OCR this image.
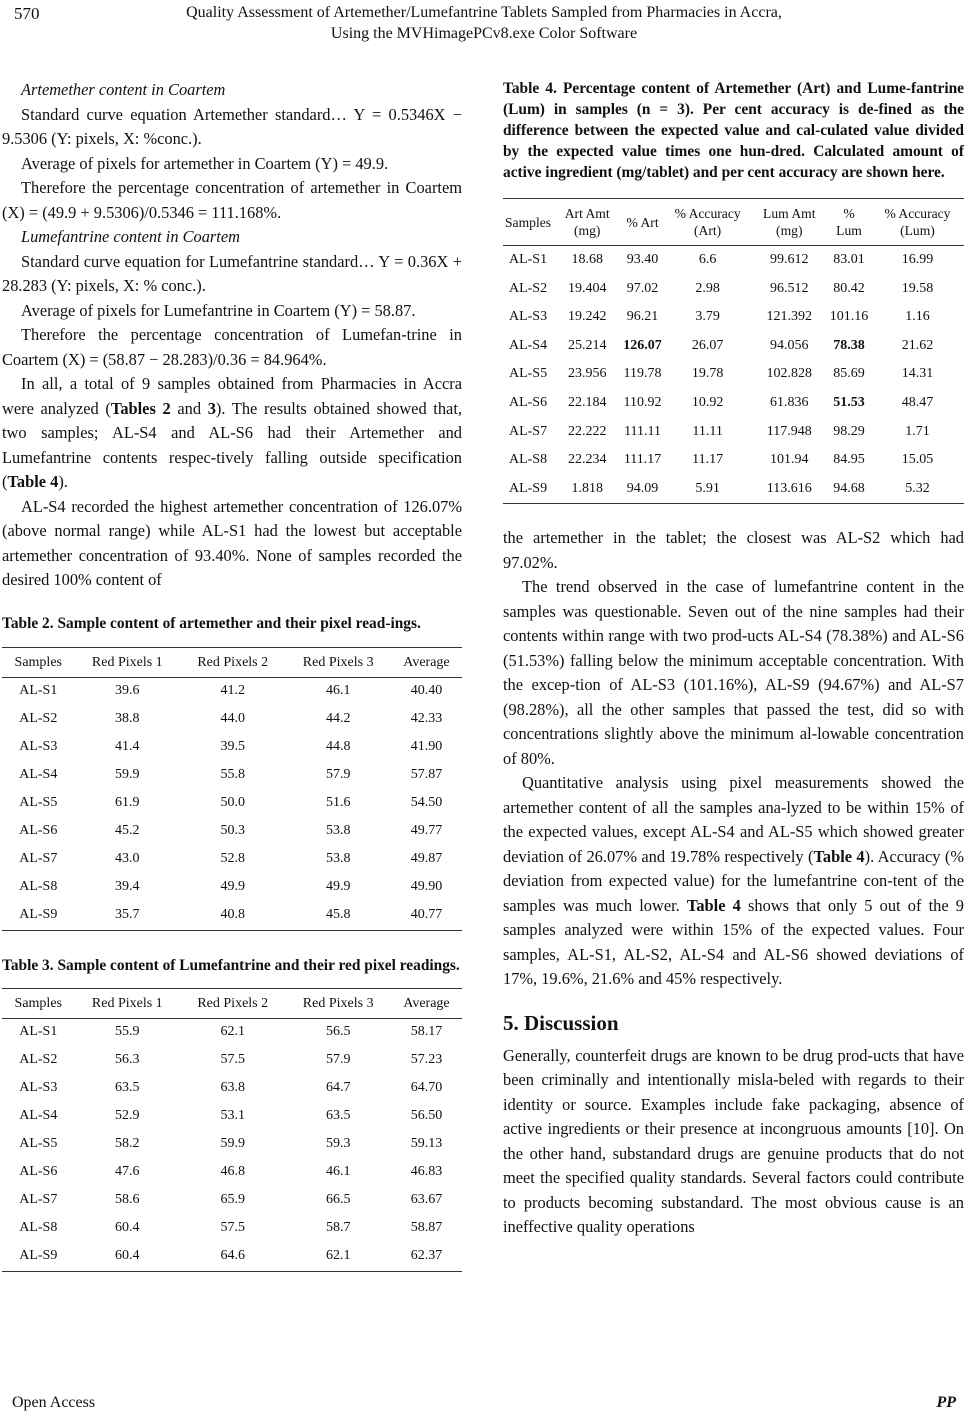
570	Quality Assessment of Artemether/Lumefantrine Tablets Sampled from Pharmacies in Accra,
Using the MVHimagePCv8.exe Color Software

Artemether content in Coartem

Standard curve equation Artemether standard… Y = 0.5346X − 9.5306 (Y: pixels, X: %conc.).

Average of pixels for artemether in Coartem (Y) = 49.9.

Therefore the percentage concentration of artemether in Coartem (X) = (49.9 + 9.5306)/0.5346 = 111.168%.

Lumefantrine content in Coartem

Standard curve equation for Lumefantrine standard… Y = 0.36X + 28.283 (Y: pixels, X: % conc.).

Average of pixels for Lumefantrine in Coartem (Y) = 58.87.

Therefore the percentage concentration of Lumefan-trine in Coartem (X) = (58.87 − 28.283)/0.36 = 84.964%.

In all, a total of 9 samples obtained from Pharmacies in Accra were analyzed (Tables 2 and 3). The results obtained showed that, two samples; AL-S4 and AL-S6 had their Artemether and Lumefantrine contents respec-tively falling outside specification (Table 4).

AL-S4 recorded the highest artemether concentration of 126.07% (above normal range) while AL-S1 had the lowest but acceptable artemether concentration of 93.40%. None of samples recorded the desired 100% content of

Table 2. Sample content of artemether and their pixel read-ings.

Samples	Red Pixels 1	Red Pixels 2	Red Pixels 3	Average
AL-S1	39.6	41.2	46.1	40.40
AL-S2	38.8	44.0	44.2	42.33
AL-S3	41.4	39.5	44.8	41.90
AL-S4	59.9	55.8	57.9	57.87
AL-S5	61.9	50.0	51.6	54.50
AL-S6	45.2	50.3	53.8	49.77
AL-S7	43.0	52.8	53.8	49.87
AL-S8	39.4	49.9	49.9	49.90
AL-S9	35.7	40.8	45.8	40.77

Table 3. Sample content of Lumefantrine and their red pixel readings.

Samples	Red Pixels 1	Red Pixels 2	Red Pixels 3	Average
AL-S1	55.9	62.1	56.5	58.17
AL-S2	56.3	57.5	57.9	57.23
AL-S3	63.5	63.8	64.7	64.70
AL-S4	52.9	53.1	63.5	56.50
AL-S5	58.2	59.9	59.3	59.13
AL-S6	47.6	46.8	46.1	46.83
AL-S7	58.6	65.9	66.5	63.67
AL-S8	60.4	57.5	58.7	58.87
AL-S9	60.4	64.6	62.1	62.37

Table 4. Percentage content of Artemether (Art) and Lume-fantrine (Lum) in samples (n = 3). Per cent accuracy is de-fined as the difference between the expected value and cal-culated value divided by the expected value times one hun-dred. Calculated amount of active ingredient (mg/tablet) and per cent accuracy are shown here.

Samples	Art Amt (mg)	% Art	% Accuracy (Art)	Lum Amt (mg)	% Lum	% Accuracy (Lum)
AL-S1	18.68	93.40	6.6	99.612	83.01	16.99
AL-S2	19.404	97.02	2.98	96.512	80.42	19.58
AL-S3	19.242	96.21	3.79	121.392	101.16	1.16
AL-S4	25.214	126.07	26.07	94.056	78.38	21.62
AL-S5	23.956	119.78	19.78	102.828	85.69	14.31
AL-S6	22.184	110.92	10.92	61.836	51.53	48.47
AL-S7	22.222	111.11	11.11	117.948	98.29	1.71
AL-S8	22.234	111.17	11.17	101.94	84.95	15.05
AL-S9	1.818	94.09	5.91	113.616	94.68	5.32

the artemether in the tablet; the closest was AL-S2 which had 97.02%.

The trend observed in the case of lumefantrine content in the samples was questionable. Seven out of the nine samples had their contents within range with two prod-ucts AL-S4 (78.38%) and AL-S6 (51.53%) falling below the minimum acceptable concentration. With the excep-tion of AL-S3 (101.16%), AL-S9 (94.67%) and AL-S7 (98.28%), all the other samples that passed the test, did so with concentrations slightly above the minimum al-lowable concentration of 80%.

Quantitative analysis using pixel measurements showed the artemether content of all the samples ana-lyzed to be within 15% of the expected values, except AL-S4 and AL-S5 which showed greater deviation of 26.07% and 19.78% respectively (Table 4). Accuracy (% deviation from expected value) for the lumefantrine con-tent of the samples was much lower. Table 4 shows that only 5 out of the 9 samples analyzed were within 15% of the expected values. Four samples, AL-S1, AL-S2, AL-S4 and AL-S6 showed deviations of 17%, 19.6%, 21.6% and 45% respectively.

5. Discussion

Generally, counterfeit drugs are known to be drug prod-ucts that have been criminally and intentionally misla-beled with regards to their identity or source. Examples include fake packaging, absence of active ingredients or their presence at incongruous amounts [10]. On the other hand, substandard drugs are genuine products that do not meet the specified quality standards. Several factors could contribute to products becoming substandard. The most obvious cause is an ineffective quality operations

Open Access	PP
